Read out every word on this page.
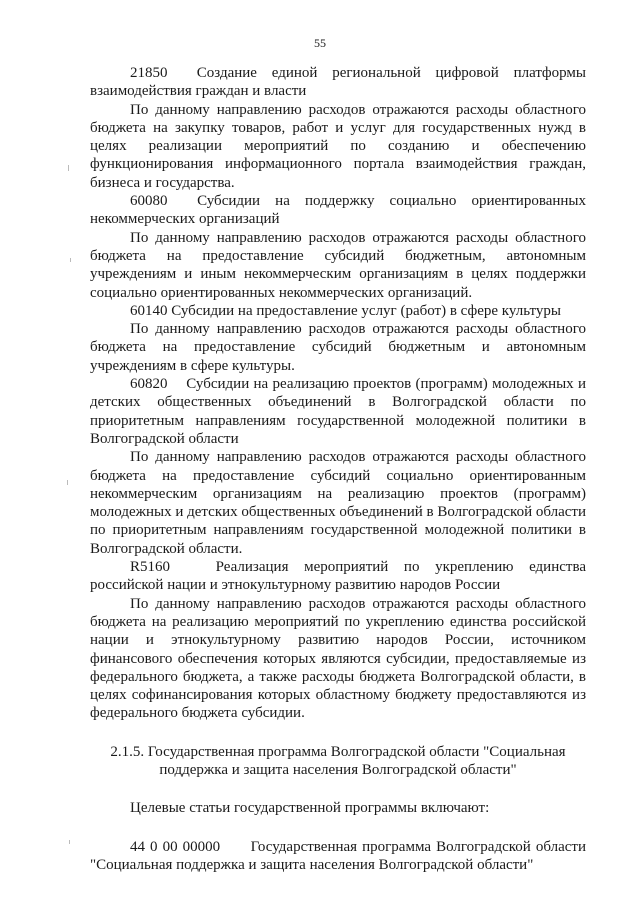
55

21850 Создание единой региональной цифровой платформы взаимодействия граждан и власти

По данному направлению расходов отражаются расходы областного бюджета на закупку товаров, работ и услуг для государственных нужд в целях реализации мероприятий по созданию и обеспечению функционирования информационного портала взаимодействия граждан, бизнеса и государства.

60080 Субсидии на поддержку социально ориентированных некоммерческих организаций

По данному направлению расходов отражаются расходы областного бюджета на предоставление субсидий бюджетным, автономным учреждениям и иным некоммерческим организациям в целях поддержки социально ориентированных некоммерческих организаций.

60140 Субсидии на предоставление услуг (работ) в сфере культуры

По данному направлению расходов отражаются расходы областного бюджета на предоставление субсидий бюджетным и автономным учреждениям в сфере культуры.

60820 Субсидии на реализацию проектов (программ) молодежных и детских общественных объединений в Волгоградской области по приоритетным направлениям государственной молодежной политики в Волгоградской области

По данному направлению расходов отражаются расходы областного бюджета на предоставление субсидий социально ориентированным некоммерческим организациям на реализацию проектов (программ) молодежных и детских общественных объединений в Волгоградской области по приоритетным направлениям государственной молодежной политики в Волгоградской области.

R5160	Реализация мероприятий по укреплению единства российской нации и этнокультурному развитию народов России

По данному направлению расходов отражаются расходы областного бюджета на реализацию мероприятий по укреплению единства российской нации и этнокультурному развитию народов России, источником финансового обеспечения которых являются субсидии, предоставляемые из федерального бюджета, а также расходы бюджета Волгоградской области, в целях софинансирования которых областному бюджету предоставляются из федерального бюджета субсидии.

2.1.5. Государственная программа Волгоградской области "Социальная
поддержка и защита населения Волгоградской области"

Целевые статьи государственной программы включают:

44 0 00 00000 Государственная программа Волгоградской области "Социальная поддержка и защита населения Волгоградской области"
